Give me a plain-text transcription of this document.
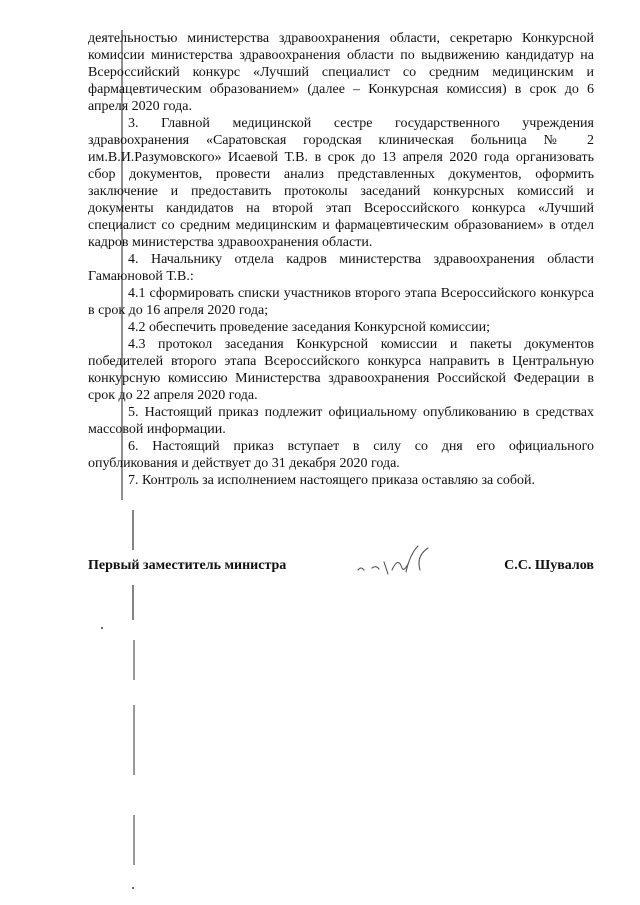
деятельностью министерства здравоохранения области, секретарю Конкурсной комиссии министерства здравоохранения области по выдвижению кандидатур на Всероссийский конкурс «Лучший специалист со средним медицинским и фармацевтическим образованием» (далее – Конкурсная комиссия) в срок до 6 апреля 2020 года.

3. Главной медицинской сестре государственного учреждения здравоохранения «Саратовская городская клиническая больница № 2 им.В.И.Разумовского» Исаевой Т.В. в срок до 13 апреля 2020 года организовать сбор документов, провести анализ представленных документов, оформить заключение и предоставить протоколы заседаний конкурсных комиссий и документы кандидатов на второй этап Всероссийского конкурса «Лучший специалист со средним медицинским и фармацевтическим образованием» в отдел кадров министерства здравоохранения области.

4. Начальнику отдела кадров министерства здравоохранения области Гамаюновой Т.В.:

4.1 сформировать списки участников второго этапа Всероссийского конкурса в срок до 16 апреля 2020 года;

4.2 обеспечить проведение заседания Конкурсной комиссии;

4.3 протокол заседания Конкурсной комиссии и пакеты документов победителей второго этапа Всероссийского конкурса направить в Центральную конкурсную комиссию Министерства здравоохранения Российской Федерации в срок до 22 апреля 2020 года.

5. Настоящий приказ подлежит официальному опубликованию в средствах массовой информации.

6. Настоящий приказ вступает в силу со дня его официального опубликования и действует до 31 декабря 2020 года.

7. Контроль за исполнением настоящего приказа оставляю за собой.

Первый заместитель министра	С.С. Шувалов
